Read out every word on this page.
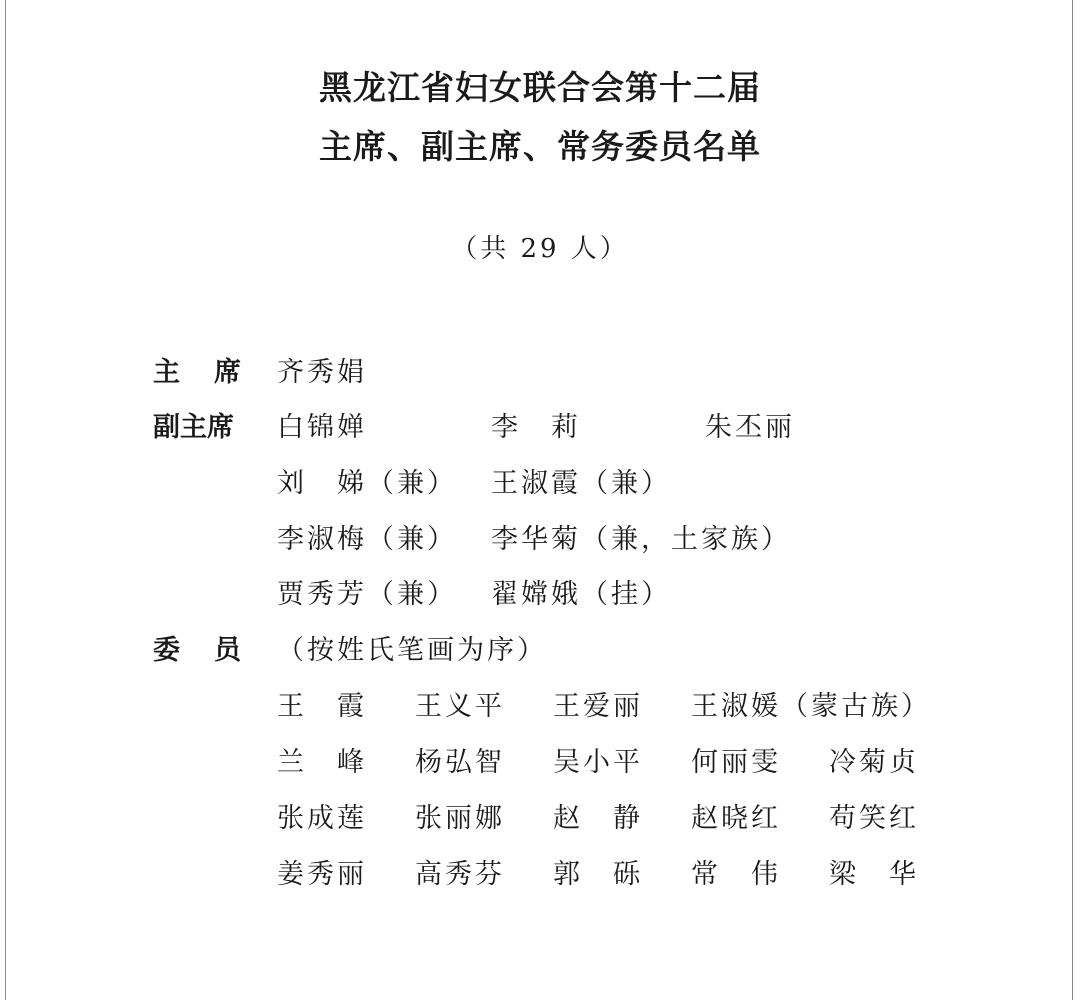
黑龙江省妇女联合会第十二届
主席、副主席、常务委员名单
（共 29 人）
主席 齐秀娟
副主席 白锦婵	李　莉	朱丕丽
刘　娣（兼） 王淑霞（兼）
李淑梅（兼） 李华菊（兼，土家族）
贾秀芳（兼） 翟嫦娥（挂）
委员 （按姓氏笔画为序）
王　霞 王义平 王爱丽 王淑媛（蒙古族）
兰　峰 杨弘智 吴小平 何丽雯 冷菊贞
张成莲 张丽娜 赵　静 赵晓红 苟笑红
姜秀丽 高秀芬 郭　砾 常　伟 梁　华
